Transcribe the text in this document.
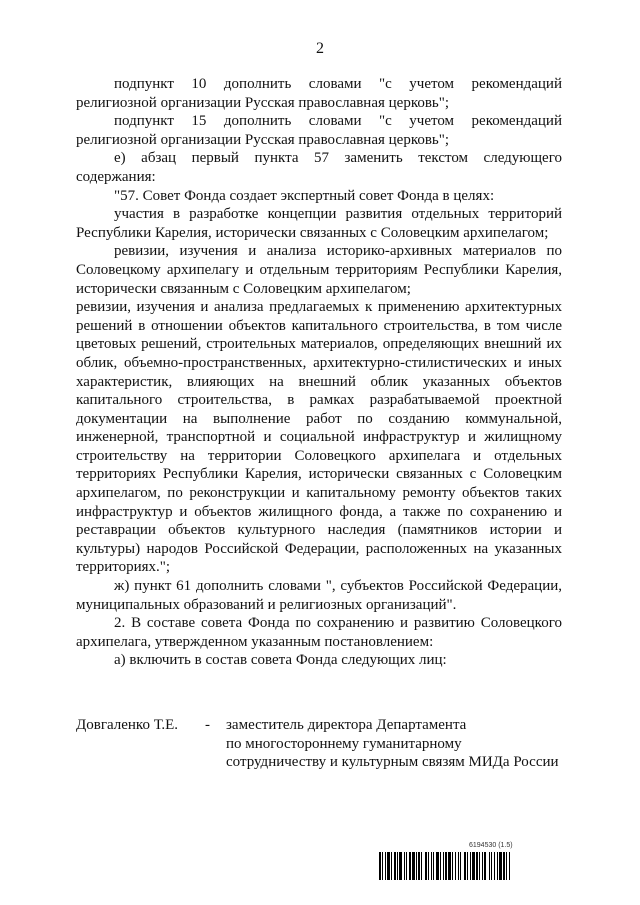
2

подпункт 10 дополнить словами "с учетом рекомендаций религиозной организации Русская православная церковь";

подпункт 15 дополнить словами "с учетом рекомендаций религиозной организации Русская православная церковь";

е) абзац первый пункта 57 заменить текстом следующего содержания:

"57. Совет Фонда создает экспертный совет Фонда в целях:

участия в разработке концепции развития отдельных территорий Республики Карелия, исторически связанных с Соловецким архипелагом;

ревизии, изучения и анализа историко-архивных материалов по Соловецкому архипелагу и отдельным территориям Республики Карелия, исторически связанным с Соловецким архипелагом;

ревизии, изучения и анализа предлагаемых к применению архитектурных решений в отношении объектов капитального строительства, в том числе цветовых решений, строительных материалов, определяющих внешний их облик, объемно-пространственных, архитектурно-стилистических и иных характеристик, влияющих на внешний облик указанных объектов капитального строительства, в рамках разрабатываемой проектной документации на выполнение работ по созданию коммунальной, инженерной, транспортной и социальной инфраструктур и жилищному строительству на территории Соловецкого архипелага и отдельных территориях Республики Карелия, исторически связанных с Соловецким архипелагом, по реконструкции и капитальному ремонту объектов таких инфраструктур и объектов жилищного фонда, а также по сохранению и реставрации объектов культурного наследия (памятников истории и культуры) народов Российской Федерации, расположенных на указанных территориях.";

ж) пункт 61 дополнить словами ", субъектов Российской Федерации, муниципальных образований и религиозных организаций".

2. В составе совета Фонда по сохранению и развитию Соловецкого архипелага, утвержденном указанным постановлением:

а) включить в состав совета Фонда следующих лиц:

Довгаленко Т.Е. - заместитель директора Департамента
по многостороннему гуманитарному
сотрудничеству и культурным связям МИДа России
6194530 (1.5)
